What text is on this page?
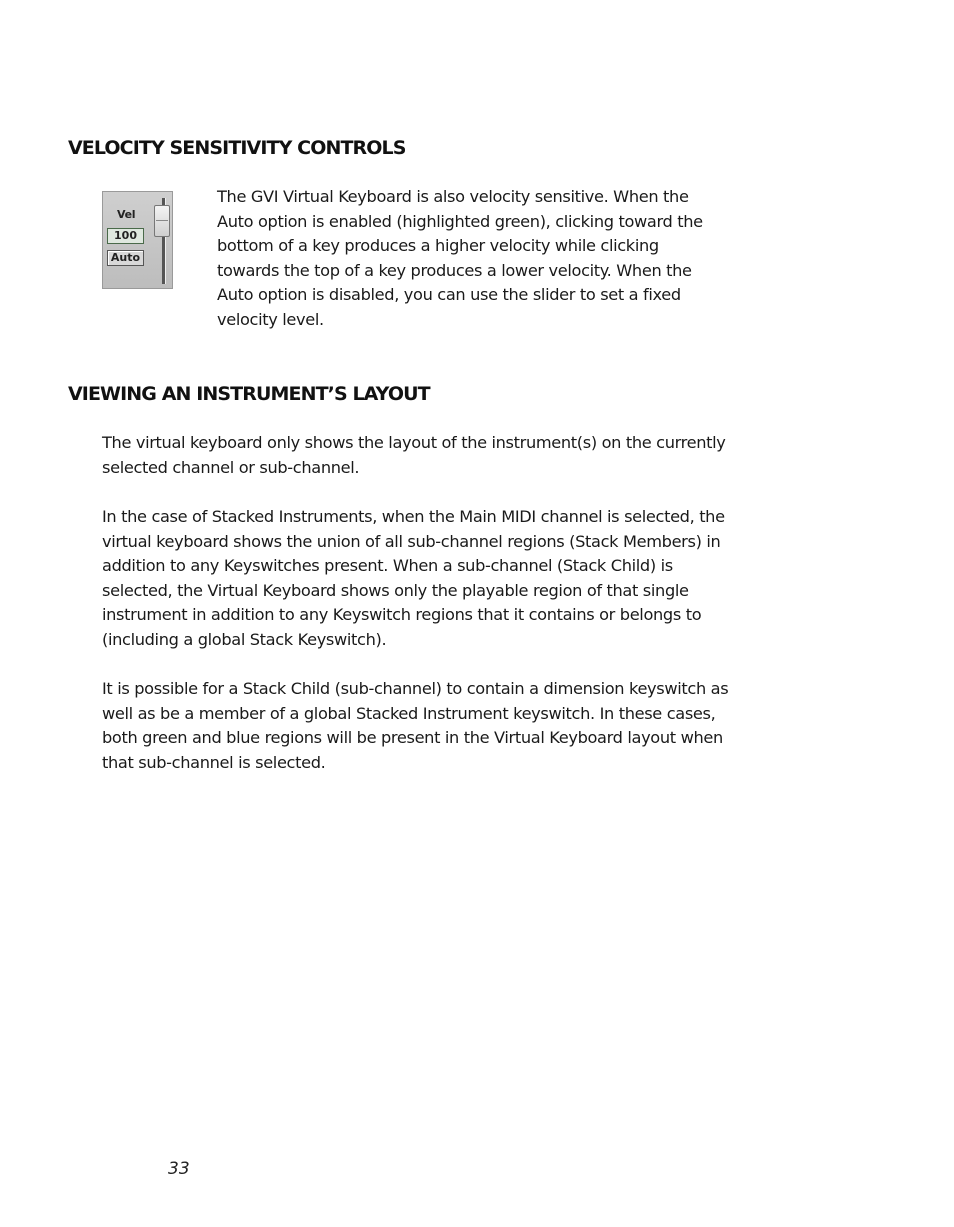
VELOCITY SENSITIVITY CONTROLS
Vel
100
Auto

The GVI Virtual Keyboard is also velocity sensitive. When the Auto option is enabled (highlighted green), clicking toward the bottom of a key produces a higher velocity while clicking towards the top of a key produces a lower velocity. When the Auto option is disabled, you can use the slider to set a fixed velocity level.

VIEWING AN INSTRUMENT’S LAYOUT

The virtual keyboard only shows the layout of the instrument(s) on the currently selected channel or sub-channel.

In the case of Stacked Instruments, when the Main MIDI channel is selected, the virtual keyboard shows the union of all sub-channel regions (Stack Members) in addition to any Keyswitches present. When a sub-channel (Stack Child) is selected, the Virtual Keyboard shows only the playable region of that single instrument in addition to any Keyswitch regions that it contains or belongs to (including a global Stack Keyswitch).

It is possible for a Stack Child (sub-channel) to contain a dimension keyswitch as well as be a member of a global Stacked Instrument keyswitch. In these cases, both green and blue regions will be present in the Virtual Keyboard layout when that sub-channel is selected.

33
